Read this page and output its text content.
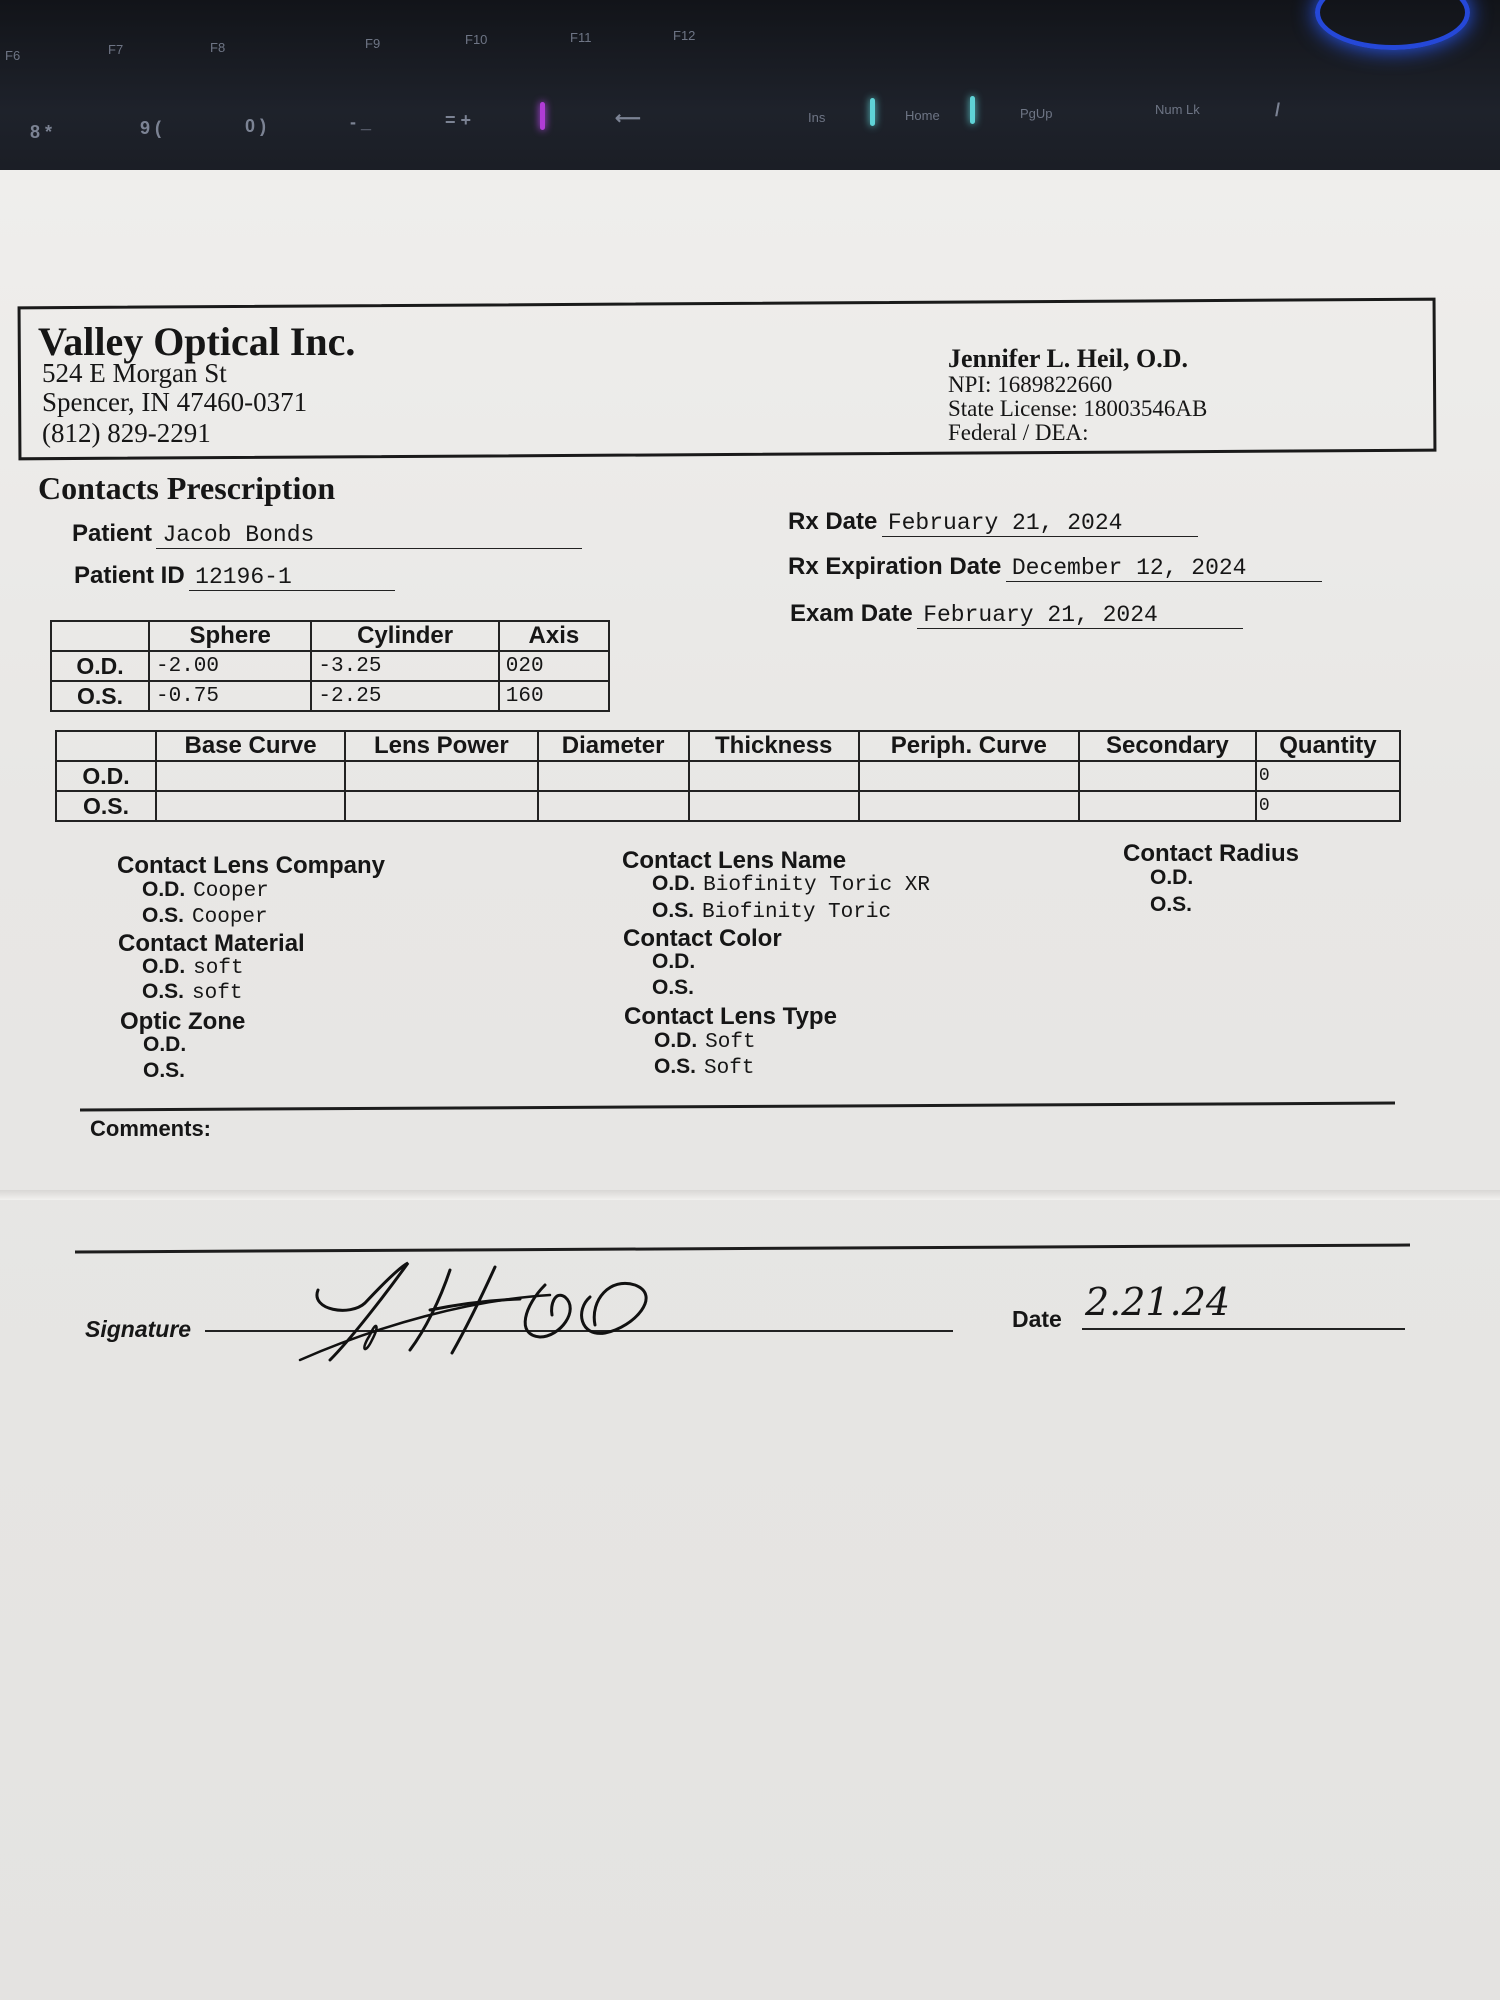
F6	F7	F8	F9	F10	F11	F12
8 *	9 (	0 )	- _	= +	⟵	Ins	Home	PgUp	Num Lk	/
Valley Optical Inc.
524 E Morgan St
Spencer, IN 47460-0371
(812) 829-2291
Jennifer L. Heil, O.D.
NPI: 1689822660
State License: 18003546AB
Federal / DEA:
Contacts Prescription
Patient Jacob Bonds
Patient ID 12196-1
Rx Date February 21, 2024
Rx Expiration Date December 12, 2024
Exam Date February 21, 2024
	Sphere	Cylinder	Axis
O.D.	-2.00	-3.25	020
O.S.	-0.75	-2.25	160
	Base Curve	Lens Power	Diameter	Thickness	Periph. Curve	Secondary	Quantity
O.D.							0
O.S.							0
Contact Lens Company
O.D. Cooper
O.S. Cooper
Contact Material
O.D. soft
O.S. soft
Optic Zone
O.D.
O.S.
Contact Lens Name
O.D. Biofinity Toric XR
O.S. Biofinity Toric
Contact Color
O.D.
O.S.
Contact Lens Type
O.D. Soft
O.S. Soft
Contact Radius
O.D.
O.S.
Comments:
Signature	Date 2.21.24
